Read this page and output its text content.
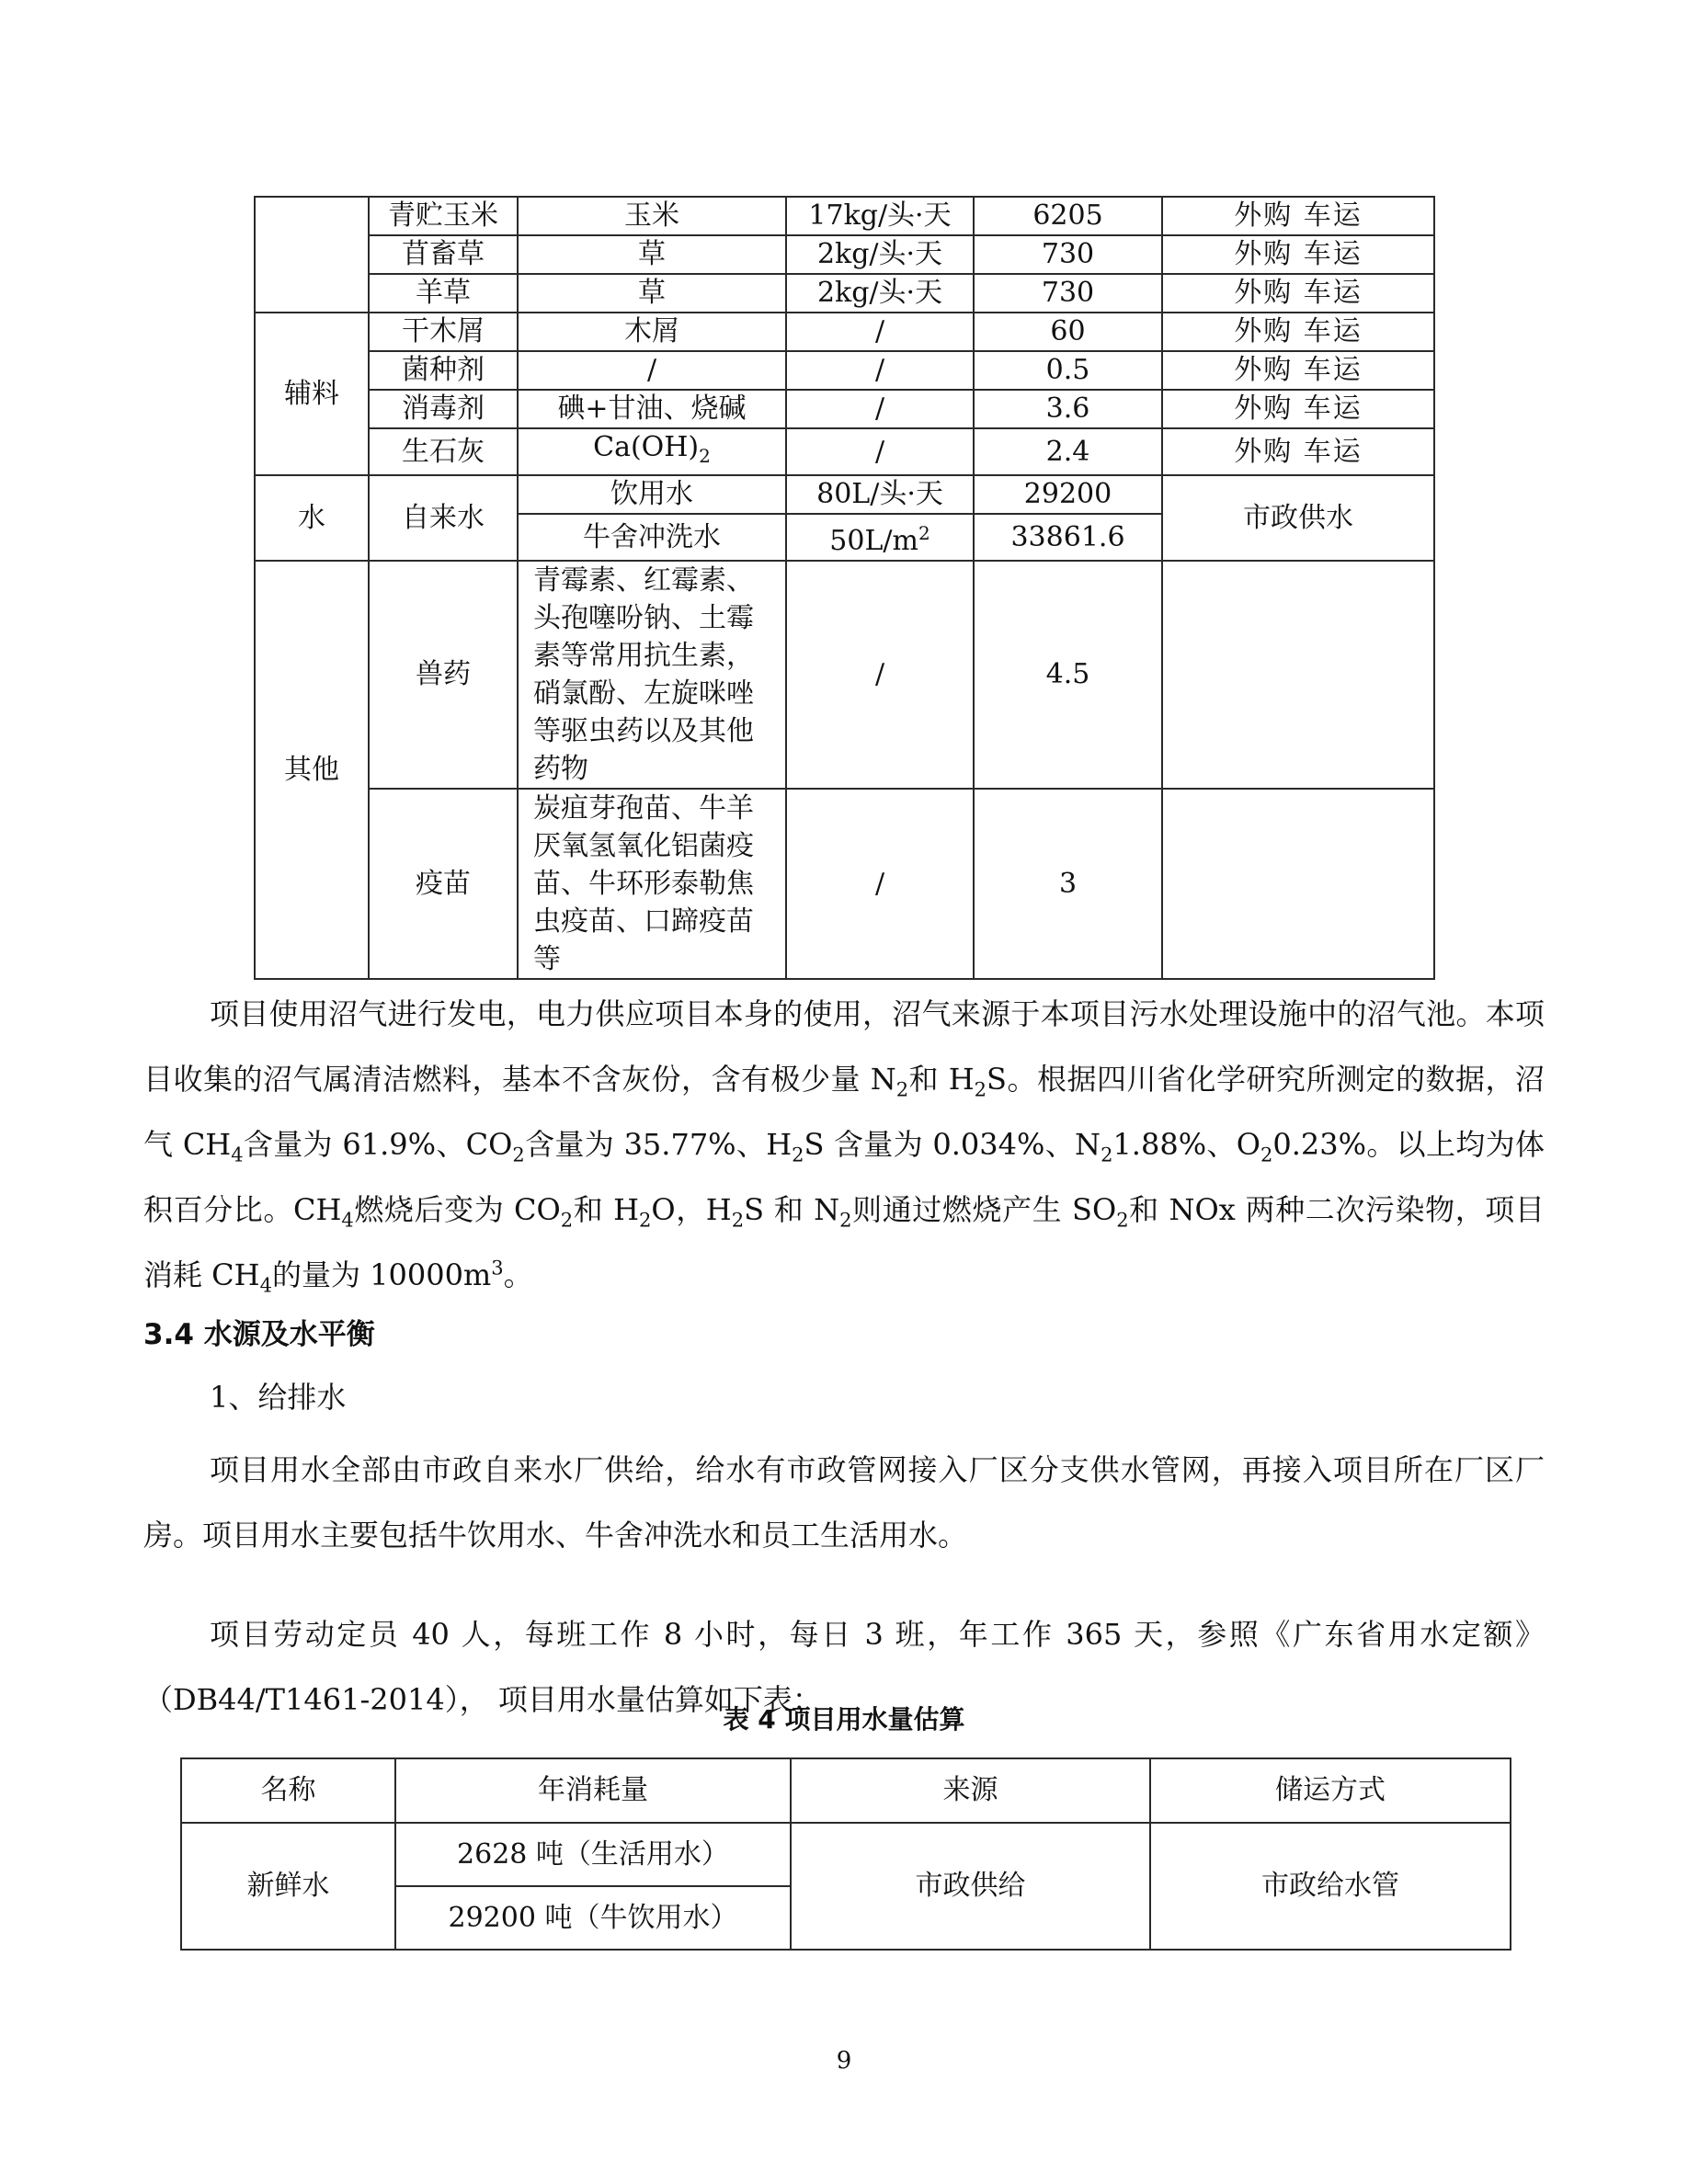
	青贮玉米	玉米	17kg/头·天	6205	外购 车运
	苜畜草	草	2kg/头·天	730	外购 车运
	羊草	草	2kg/头·天	730	外购 车运
辅料	干木屑	木屑	/	60	外购 车运
	菌种剂	/	/	0.5	外购 车运
	消毒剂	碘+甘油、烧碱	/	3.6	外购 车运
	生石灰	$Ca(OH)_2$	/	2.4	外购 车运
水	自来水	饮用水	80L/头·天	29200	市政供水
		牛舍冲洗水	$50L/m^2$	33861.6	
其他	兽药	青霉素、红霉素、头孢噻吩钠、土霉素等常用抗生素，硝氯酚、左旋咪唑等驱虫药以及其他药物	/	4.5	
	疫苗	炭疽芽孢苗、牛羊厌氧氢氧化铝菌疫苗、牛环形泰勒焦虫疫苗、口蹄疫苗等	/	3	

项目使用沼气进行发电，电力供应项目本身的使用，沼气来源于本项目污水处理设施中的沼气池。本项目收集的沼气属清洁燃料，基本不含灰份，含有极少量 $N_2$和 $H_2S$。根据四川省化学研究所测定的数据，沼气 $CH_4$含量为 61.9%、$CO_2$含量为 35.77%、$H_2S$ 含量为 0.034%、$N_21.88\%$、$O_20.23\%$。以上均为体积百分比。$CH_4$燃烧后变为 $CO_2$和 $H_2O$，$H_2S$ 和 $N_2$则通过燃烧产生 $SO_2$和 NOx 两种二次污染物，项目消耗 $CH_4$的量为 $10000m^3$。

3.4 水源及水平衡

1、给排水

项目用水全部由市政自来水厂供给，给水有市政管网接入厂区分支供水管网，再接入项目所在厂区厂房。项目用水主要包括牛饮用水、牛舍冲洗水和员工生活用水。

项目劳动定员 40 人，每班工作 8 小时，每日 3 班，年工作 365 天，参照《广东省用水定额》（DB44/T1461-2014）， 项目用水量估算如下表：

表 4 项目用水量估算

名称	年消耗量	来源	储运方式
新鲜水	2628 吨（生活用水）	市政供给	市政给水管
	29200 吨（牛饮用水）		
9
